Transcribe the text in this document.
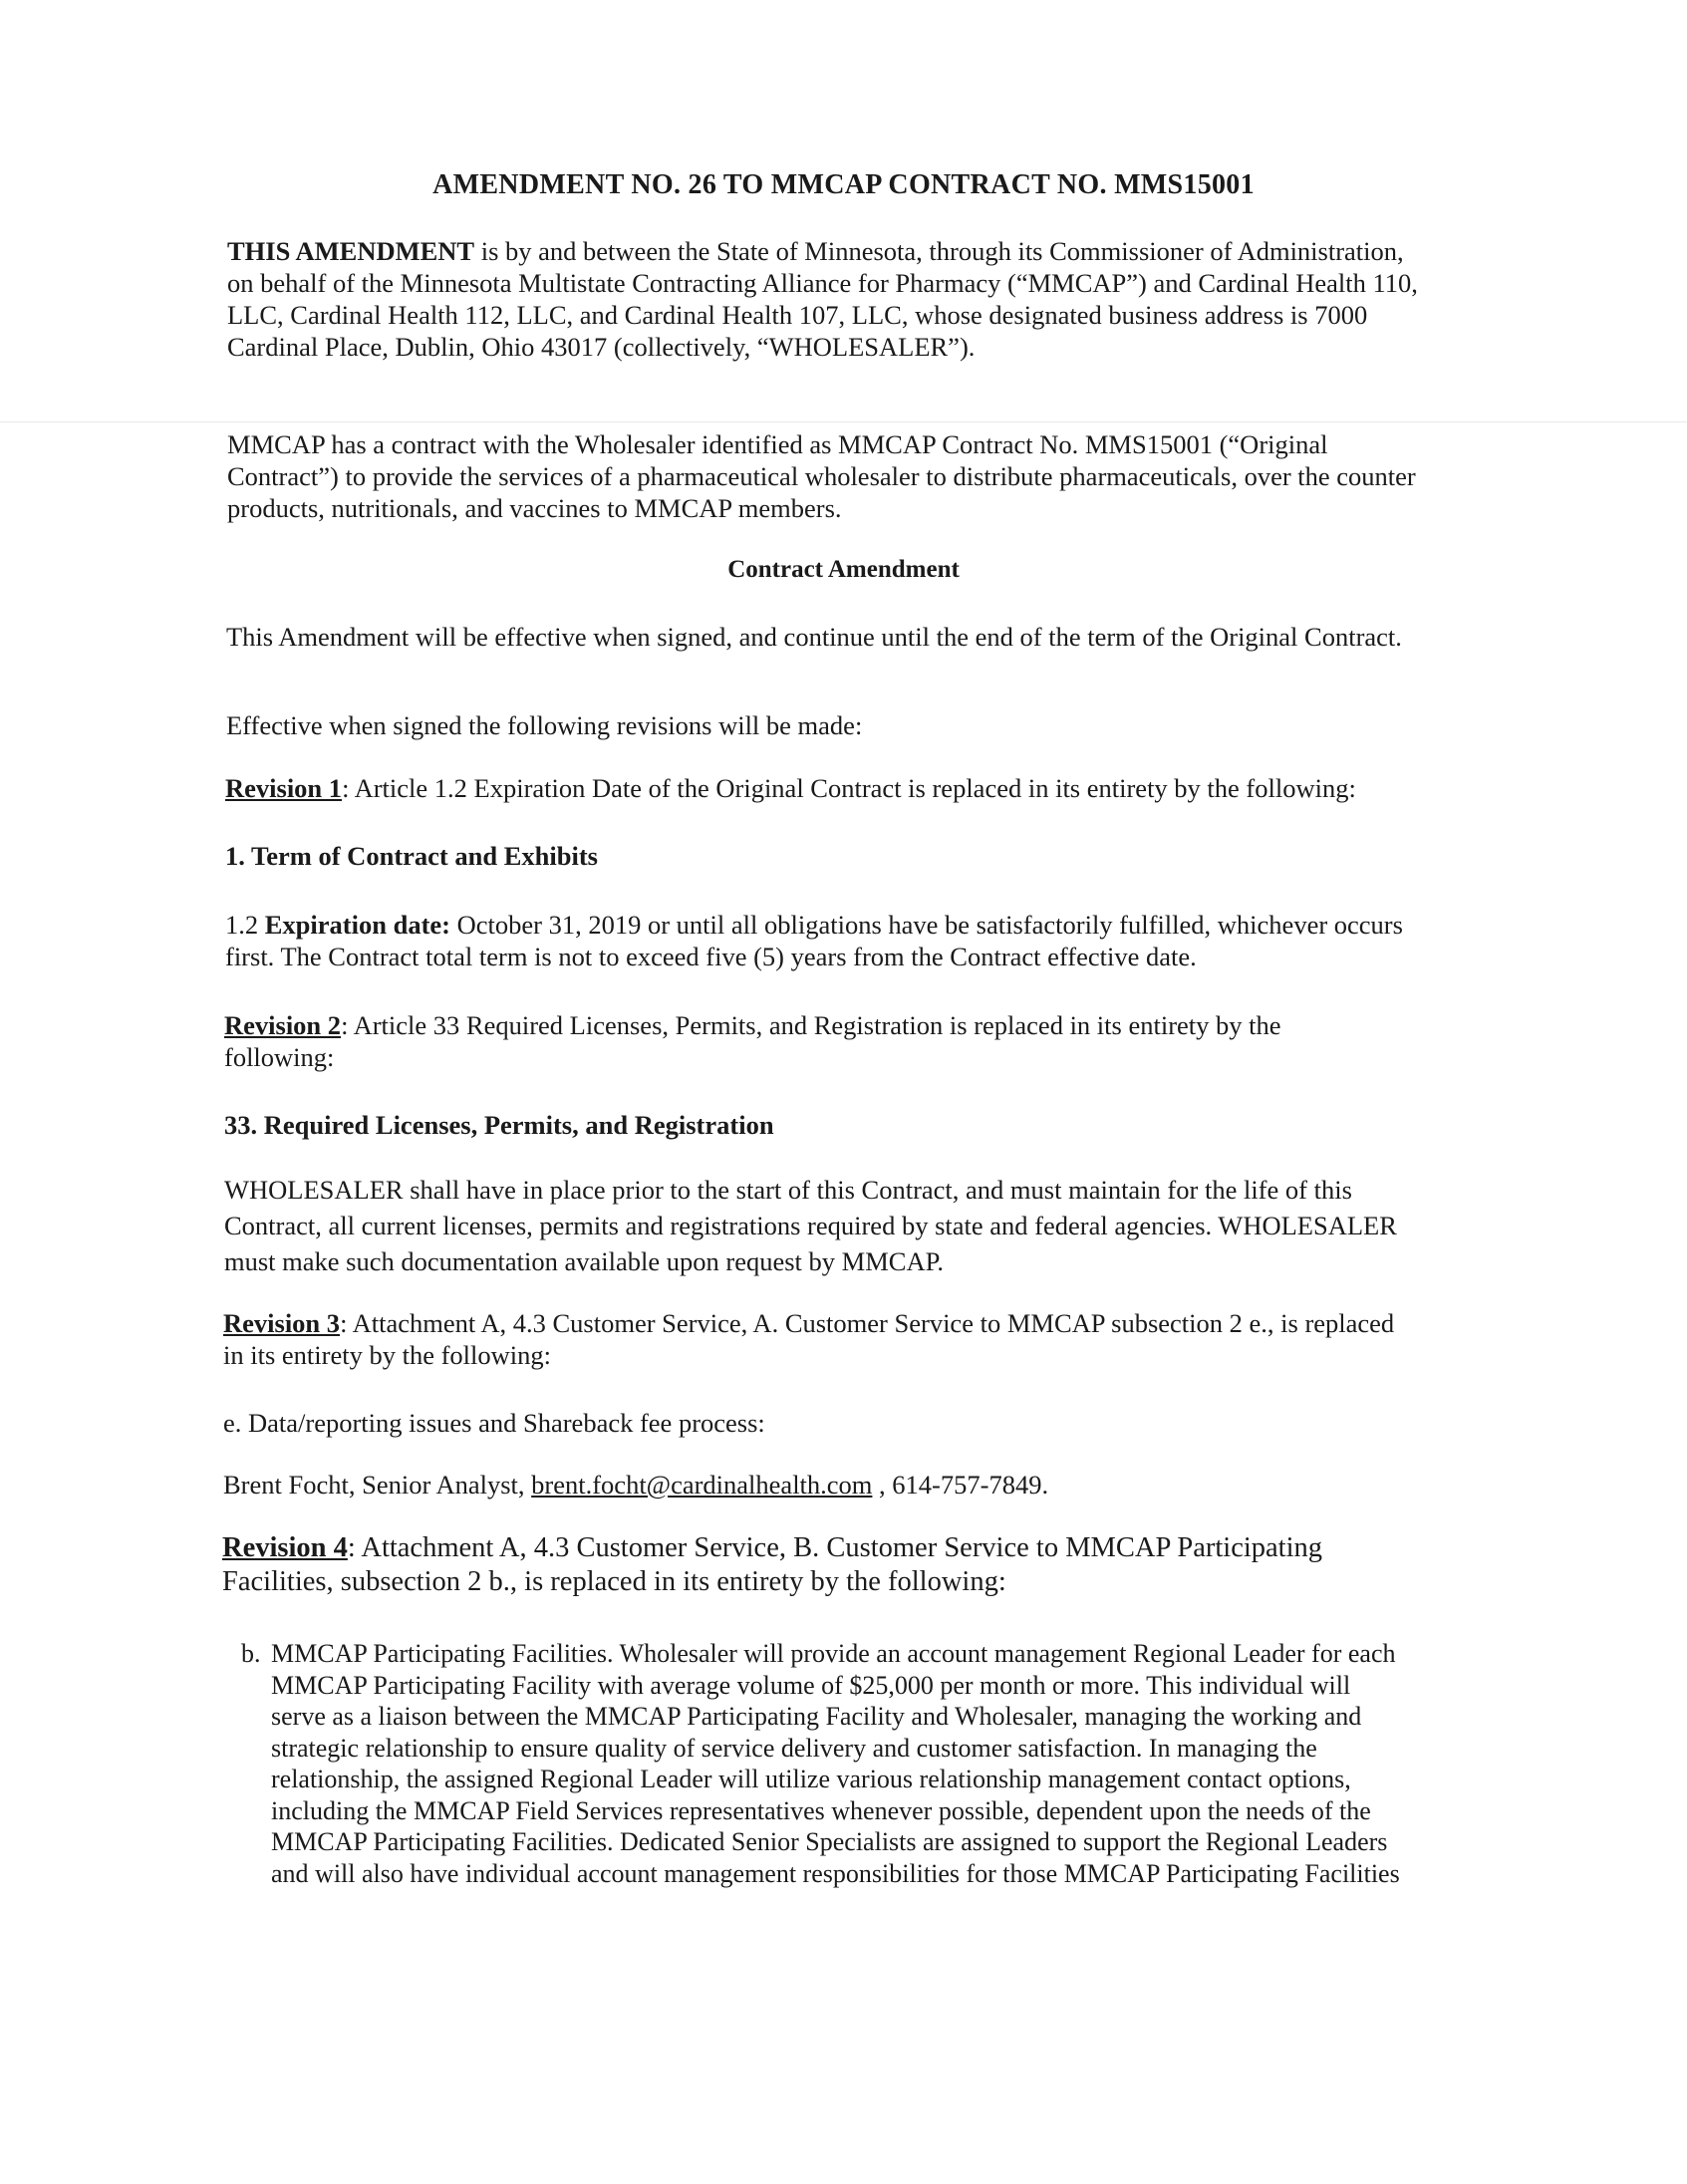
AMENDMENT NO. 26 TO MMCAP CONTRACT NO. MMS15001

THIS AMENDMENT is by and between the State of Minnesota, through its Commissioner of Administration, on behalf of the Minnesota Multistate Contracting Alliance for Pharmacy (“MMCAP”) and Cardinal Health 110, LLC, Cardinal Health 112, LLC, and Cardinal Health 107, LLC, whose designated business address is 7000 Cardinal Place, Dublin, Ohio 43017 (collectively, “WHOLESALER”).

MMCAP has a contract with the Wholesaler identified as MMCAP Contract No. MMS15001 (“Original Contract”) to provide the services of a pharmaceutical wholesaler to distribute pharmaceuticals, over the counter products, nutritionals, and vaccines to MMCAP members.

Contract Amendment

This Amendment will be effective when signed, and continue until the end of the term of the Original Contract.

Effective when signed the following revisions will be made:

Revision 1: Article 1.2 Expiration Date of the Original Contract is replaced in its entirety by the following:

1. Term of Contract and Exhibits

1.2 Expiration date: October 31, 2019 or until all obligations have be satisfactorily fulfilled, whichever occurs first. The Contract total term is not to exceed five (5) years from the Contract effective date.

Revision 2: Article 33 Required Licenses, Permits, and Registration is replaced in its entirety by the following:

33. Required Licenses, Permits, and Registration

WHOLESALER shall have in place prior to the start of this Contract, and must maintain for the life of this Contract, all current licenses, permits and registrations required by state and federal agencies. WHOLESALER must make such documentation available upon request by MMCAP.

Revision 3: Attachment A, 4.3 Customer Service, A. Customer Service to MMCAP subsection 2 e., is replaced in its entirety by the following:

e. Data/reporting issues and Shareback fee process:

Brent Focht, Senior Analyst, brent.focht@cardinalhealth.com , 614-757-7849.

Revision 4: Attachment A, 4.3 Customer Service, B. Customer Service to MMCAP Participating Facilities, subsection 2 b., is replaced in its entirety by the following:

b. MMCAP Participating Facilities. Wholesaler will provide an account management Regional Leader for each MMCAP Participating Facility with average volume of $25,000 per month or more. This individual will serve as a liaison between the MMCAP Participating Facility and Wholesaler, managing the working and strategic relationship to ensure quality of service delivery and customer satisfaction. In managing the relationship, the assigned Regional Leader will utilize various relationship management contact options, including the MMCAP Field Services representatives whenever possible, dependent upon the needs of the MMCAP Participating Facilities. Dedicated Senior Specialists are assigned to support the Regional Leaders and will also have individual account management responsibilities for those MMCAP Participating Facilities
